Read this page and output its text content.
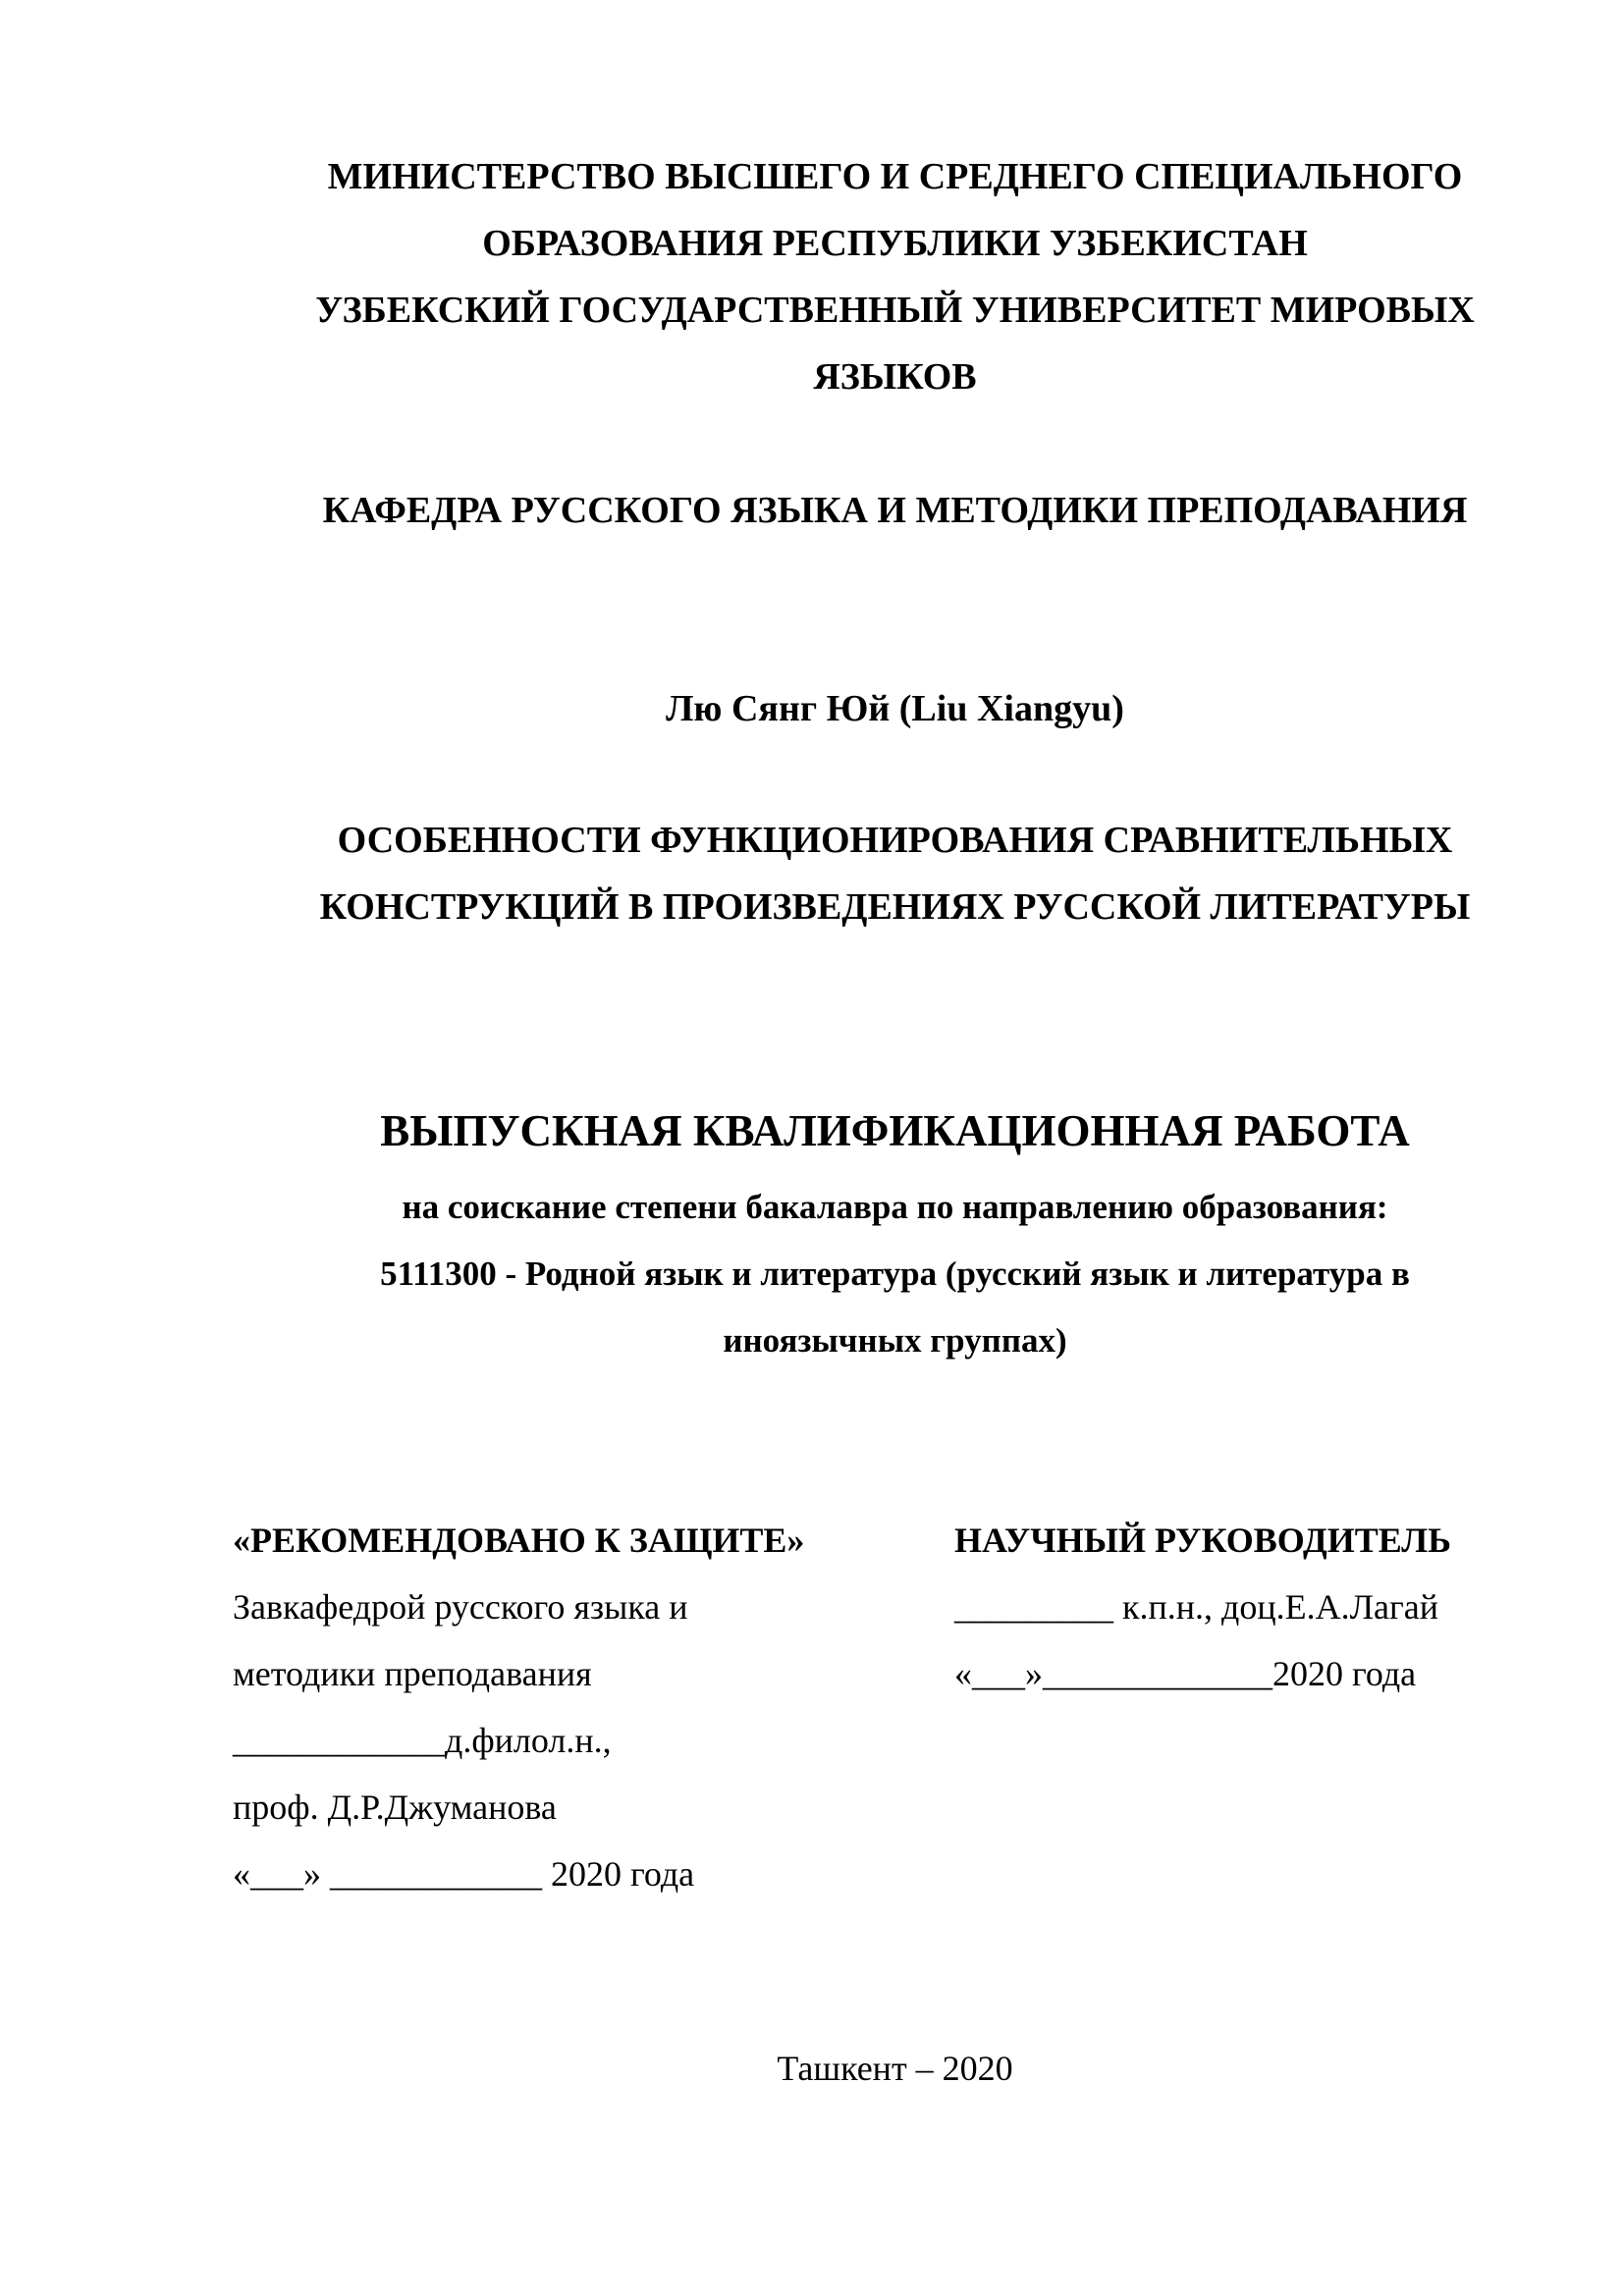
МИНИСТЕРСТВО ВЫСШЕГО И СРЕДНЕГО СПЕЦИАЛЬНОГО
ОБРАЗОВАНИЯ РЕСПУБЛИКИ УЗБЕКИСТАН
УЗБЕКСКИЙ ГОСУДАРСТВЕННЫЙ УНИВЕРСИТЕТ МИРОВЫХ
ЯЗЫКОВ
КАФЕДРА РУССКОГО ЯЗЫКА И МЕТОДИКИ ПРЕПОДАВАНИЯ
Лю Сянг Юй (Liu Xiangyu)
ОСОБЕННОСТИ ФУНКЦИОНИРОВАНИЯ СРАВНИТЕЛЬНЫХ
КОНСТРУКЦИЙ В ПРОИЗВЕДЕНИЯХ РУССКОЙ ЛИТЕРАТУРЫ
ВЫПУСКНАЯ КВАЛИФИКАЦИОННАЯ РАБОТА
на соискание степени бакалавра по направлению образования:
5111300 - Родной язык и литература (русский язык и литература в
иноязычных группах)
«РЕКОМЕНДОВАНО К ЗАЩИТЕ»
Завкафедрой русского языка и
методики преподавания
____________д.филол.н.,
проф. Д.Р.Джуманова
«___» ____________ 2020 года
НАУЧНЫЙ РУКОВОДИТЕЛЬ
_________ к.п.н., доц.Е.А.Лагай
«___»_____________2020 года
Ташкент – 2020
